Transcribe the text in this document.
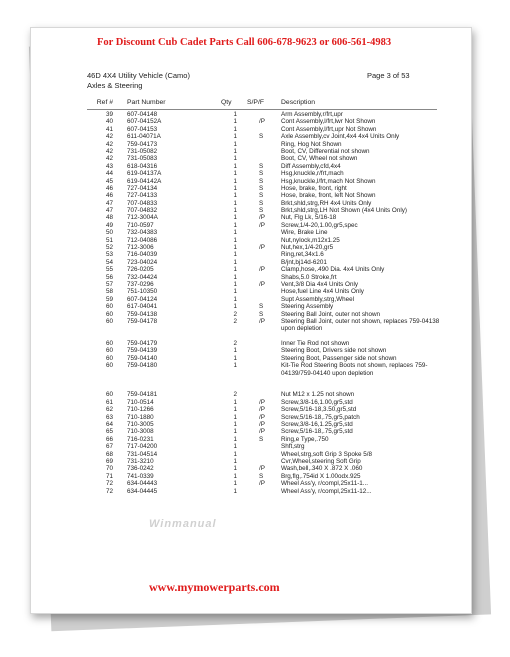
For Discount Cub Cadet Parts Call 606-678-9623 or 606-561-4983
46D 4X4 Utility Vehicle (Camo)
Axles & Steering
Page 3 of 53
Ref # Part Number	Qty S/P/F	Description
39 607-04148	1	Arm Assembly,r/frt,upr
40 607-04152A	1	/P	Cont Assembly,l/frt,lwr Not Shown
41 607-04153	1	Cont Assembly,l/frt,upr Not Shown
42 611-04071A	1	S	Axle Assembly,cv Joint,4x4 4x4 Units Only
42 759-04173	1	Ring, Hog Not Shown
42 731-05082	1	Boot, CV, Differential not shown
42 731-05083	1	Boot, CV, Wheel not shown
43 618-04316	1	S	Diff Assembly,cfd,4x4
44 619-04137A	1	S	Hsg,knuckle,r/frt,mach
45 619-04142A	1	S	Hsg,knuckle,l/frt,mach Not Shown
46 727-04134	1	S	Hose, brake, front, right
46 727-04133	1	S	Hose, brake, front, left Not Shown
47 707-04833	1	S	Brkt,shld,strg,RH 4x4 Units Only
47 707-04832	1	S	Brkt,shld,strg,LH Not Shown (4x4 Units Only)
48 712-3004A	1	/P	Nut, Flg Lk, 5/16-18
49 710-0597	1	/P	Screw,1/4-20,1.00,gr5,spec
50 732-04383	1	Wire, Brake Line
51 712-04086	1	Nut,nylock,m12x1.25
52 712-3006	1	/P	Nut,hex,1/4-20,gr5
53 716-04039	1	Ring,ret,34x1.6
54 723-04024	1	B/jnt,bj14d-6201
55 726-0205	1	/P	Clamp,hose,.490 Dia. 4x4 Units Only
56 732-04424	1	Shabs,5.0 Stroke,frt
57 737-0296	1	/P	Vent,3/8 Dia 4x4 Units Only
58 751-10350	1	Hose,fuel Line 4x4 Units Only
59 607-04124	1	Supt Assembly,strg,Wheel
60 617-04041	1	S	Steering Assembly
60 759-04138	2	S	Steering Ball Joint, outer not shown
60 759-04178	2	/P	Steering Ball Joint, outer not shown, replaces 759-04138 upon depletion
60 759-04179	2	Inner Tie Rod not shown
60 759-04139	1	Steering Boot, Drivers side not shown
60 759-04140	1	Steering Boot, Passenger side not shown
60 759-04180	1	Kit-Tie Rod Steering Boots not shown, replaces 759-04139/759-04140 upon depletion
60 759-04181	2	Nut M12 x 1.25 not shown
61 710-0514	1	/P	Screw,3/8-16,1.00,gr5,std
62 710-1266	1	/P	Screw,5/16-18,3.50,gr5,std
63 710-1880	1	/P	Screw,5/16-18,.75,gr5,patch
64 710-3005	1	/P	Screw,3/8-16,1.25,gr5,std
65 710-3008	1	/P	Screw,5/16-18,.75,gr5,std
66 716-0231	1	S	Ring,e Type,.750
67 717-04200	1	Shft,strg
68 731-04514	1	Wheel,strg,soft Grip 3 Spoke 5/8
69 731-3210	1	Cvr,Wheel,steering Soft Grip
70 736-0242	1	/P	Wash,bell,.340 X .872 X .060
71 741-0339	1	S	Brg,flg,.754id X 1.00odx.925
72 634-04443	1	/P	Wheel Ass'y, r/compl,25x11-1...
72 634-04445	1	Wheel Ass'y, r/compl,25x11-12...
Winmanual
www.mymowerparts.com
